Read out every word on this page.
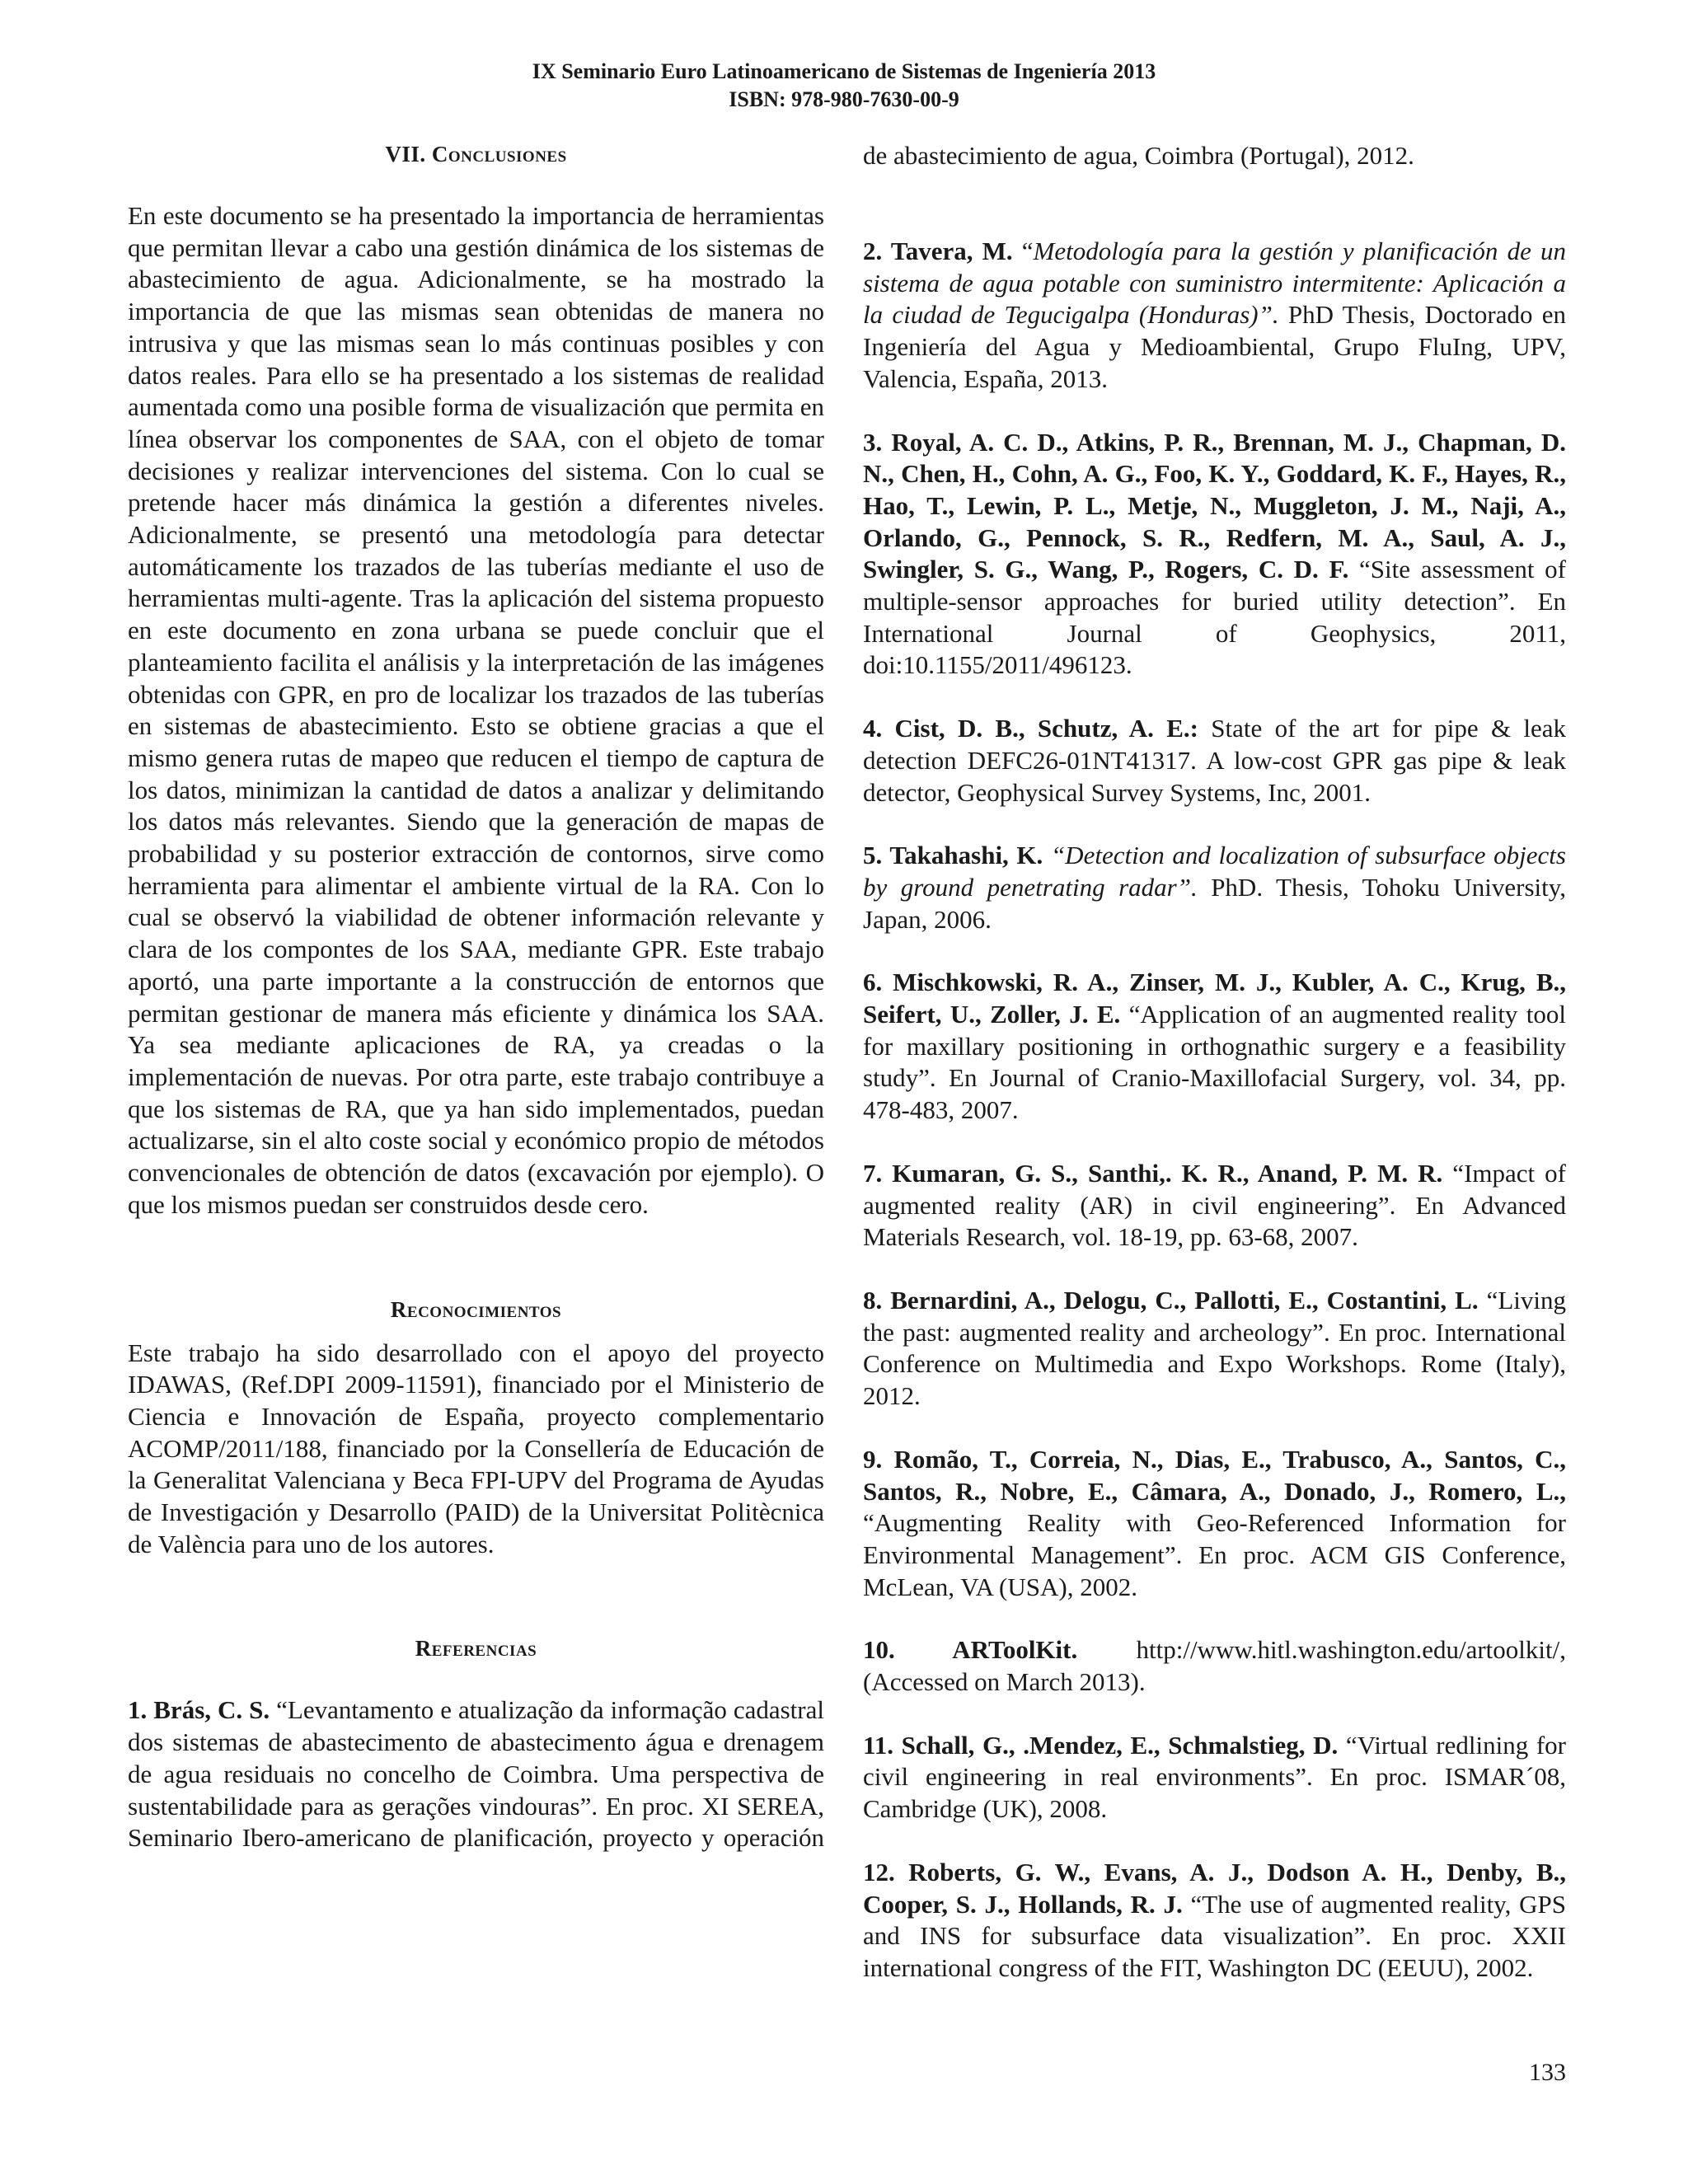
IX Seminario Euro Latinoamericano de Sistemas de Ingeniería 2013
ISBN: 978-980-7630-00-9
VII. Conclusiones

En este documento se ha presentado la importancia de herramientas que permitan llevar a cabo una gestión dinámica de los sistemas de abastecimiento de agua. Adicionalmente, se ha mostrado la importancia de que las mismas sean obtenidas de manera no intrusiva y que las mismas sean lo más continuas posibles y con datos reales. Para ello se ha presentado a los sistemas de realidad aumentada como una posible forma de visualización que permita en línea observar los componentes de SAA, con el objeto de tomar decisiones y realizar intervenciones del sistema. Con lo cual se pretende hacer más dinámica la gestión a diferentes niveles. Adicionalmente, se presentó una metodología para detectar automáticamente los trazados de las tuberías mediante el uso de herramientas multi-agente. Tras la aplicación del sistema propuesto en este documento en zona urbana se puede concluir que el planteamiento facilita el análisis y la interpretación de las imágenes obtenidas con GPR, en pro de localizar los trazados de las tuberías en sistemas de abastecimiento. Esto se obtiene gracias a que el mismo genera rutas de mapeo que reducen el tiempo de captura de los datos, minimizan la cantidad de datos a analizar y delimitando los datos más relevantes. Siendo que la generación de mapas de probabilidad y su posterior extracción de contornos, sirve como herramienta para alimentar el ambiente virtual de la RA. Con lo cual se observó la viabilidad de obtener información relevante y clara de los compontes de los SAA, mediante GPR. Este trabajo aportó, una parte importante a la construcción de entornos que permitan gestionar de manera más eficiente y dinámica los SAA. Ya sea mediante aplicaciones de RA, ya creadas o la implementación de nuevas. Por otra parte, este trabajo contribuye a que los sistemas de RA, que ya han sido implementados, puedan actualizarse, sin el alto coste social y económico propio de métodos convencionales de obtención de datos (excavación por ejemplo). O que los mismos puedan ser construidos desde cero.

Reconocimientos

Este trabajo ha sido desarrollado con el apoyo del proyecto IDAWAS, (Ref.DPI 2009-11591), financiado por el Ministerio de Ciencia e Innovación de España, proyecto complementario ACOMP/2011/188, financiado por la Consellería de Educación de la Generalitat Valenciana y Beca FPI-UPV del Programa de Ayudas de Investigación y Desarrollo (PAID) de la Universitat Politècnica de València para uno de los autores.

Referencias

1. Brás, C. S. “Levantamento e atualização da informação cadastral dos sistemas de abastecimento de abastecimento água e drenagem de agua residuais no concelho de Coimbra. Uma perspectiva de sustentabilidade para as gerações vindouras”. En proc. XI SEREA, Seminario Ibero-americano de planificación, proyecto y operación

de abastecimiento de agua, Coimbra (Portugal), 2012.

2. Tavera, M. “Metodología para la gestión y planificación de un sistema de agua potable con suministro intermitente: Aplicación a la ciudad de Tegucigalpa (Honduras)”. PhD Thesis, Doctorado en Ingeniería del Agua y Medioambiental, Grupo FluIng, UPV, Valencia, España, 2013.

3. Royal, A. C. D., Atkins, P. R., Brennan, M. J., Chapman, D. N., Chen, H., Cohn, A. G., Foo, K. Y., Goddard, K. F., Hayes, R., Hao, T., Lewin, P. L., Metje, N., Muggleton, J. M., Naji, A., Orlando, G., Pennock, S. R., Redfern, M. A., Saul, A. J., Swingler, S. G., Wang, P., Rogers, C. D. F. “Site assessment of multiple-sensor approaches for buried utility detection”. En International Journal of Geophysics, 2011, doi:10.1155/2011/496123.

4. Cist, D. B., Schutz, A. E.: State of the art for pipe & leak detection DEFC26-01NT41317. A low-cost GPR gas pipe & leak detector, Geophysical Survey Systems, Inc, 2001.

5. Takahashi, K. “Detection and localization of subsurface objects by ground penetrating radar”. PhD. Thesis, Tohoku University, Japan, 2006.

6. Mischkowski, R. A., Zinser, M. J., Kubler, A. C., Krug, B., Seifert, U., Zoller, J. E. “Application of an augmented reality tool for maxillary positioning in orthognathic surgery e a feasibility study”. En Journal of Cranio-Maxillofacial Surgery, vol. 34, pp. 478-483, 2007.

7. Kumaran, G. S., Santhi,. K. R., Anand, P. M. R. “Impact of augmented reality (AR) in civil engineering”. En Advanced Materials Research, vol. 18-19, pp. 63-68, 2007.

8. Bernardini, A., Delogu, C., Pallotti, E., Costantini, L. “Living the past: augmented reality and archeology”. En proc. International Conference on Multimedia and Expo Workshops. Rome (Italy), 2012.

9. Romão, T., Correia, N., Dias, E., Trabusco, A., Santos, C., Santos, R., Nobre, E., Câmara, A., Donado, J., Romero, L., “Augmenting Reality with Geo-Referenced Information for Environmental Management”. En proc. ACM GIS Conference, McLean, VA (USA), 2002.

10. ARToolKit. http://www.hitl.washington.edu/artoolkit/, (Accessed on March 2013).

11. Schall, G., .Mendez, E., Schmalstieg, D. “Virtual redlining for civil engineering in real environments”. En proc. ISMAR´08, Cambridge (UK), 2008.

12. Roberts, G. W., Evans, A. J., Dodson A. H., Denby, B., Cooper, S. J., Hollands, R. J. “The use of augmented reality, GPS and INS for subsurface data visualization”. En proc. XXII international congress of the FIT, Washington DC (EEUU), 2002.

133
